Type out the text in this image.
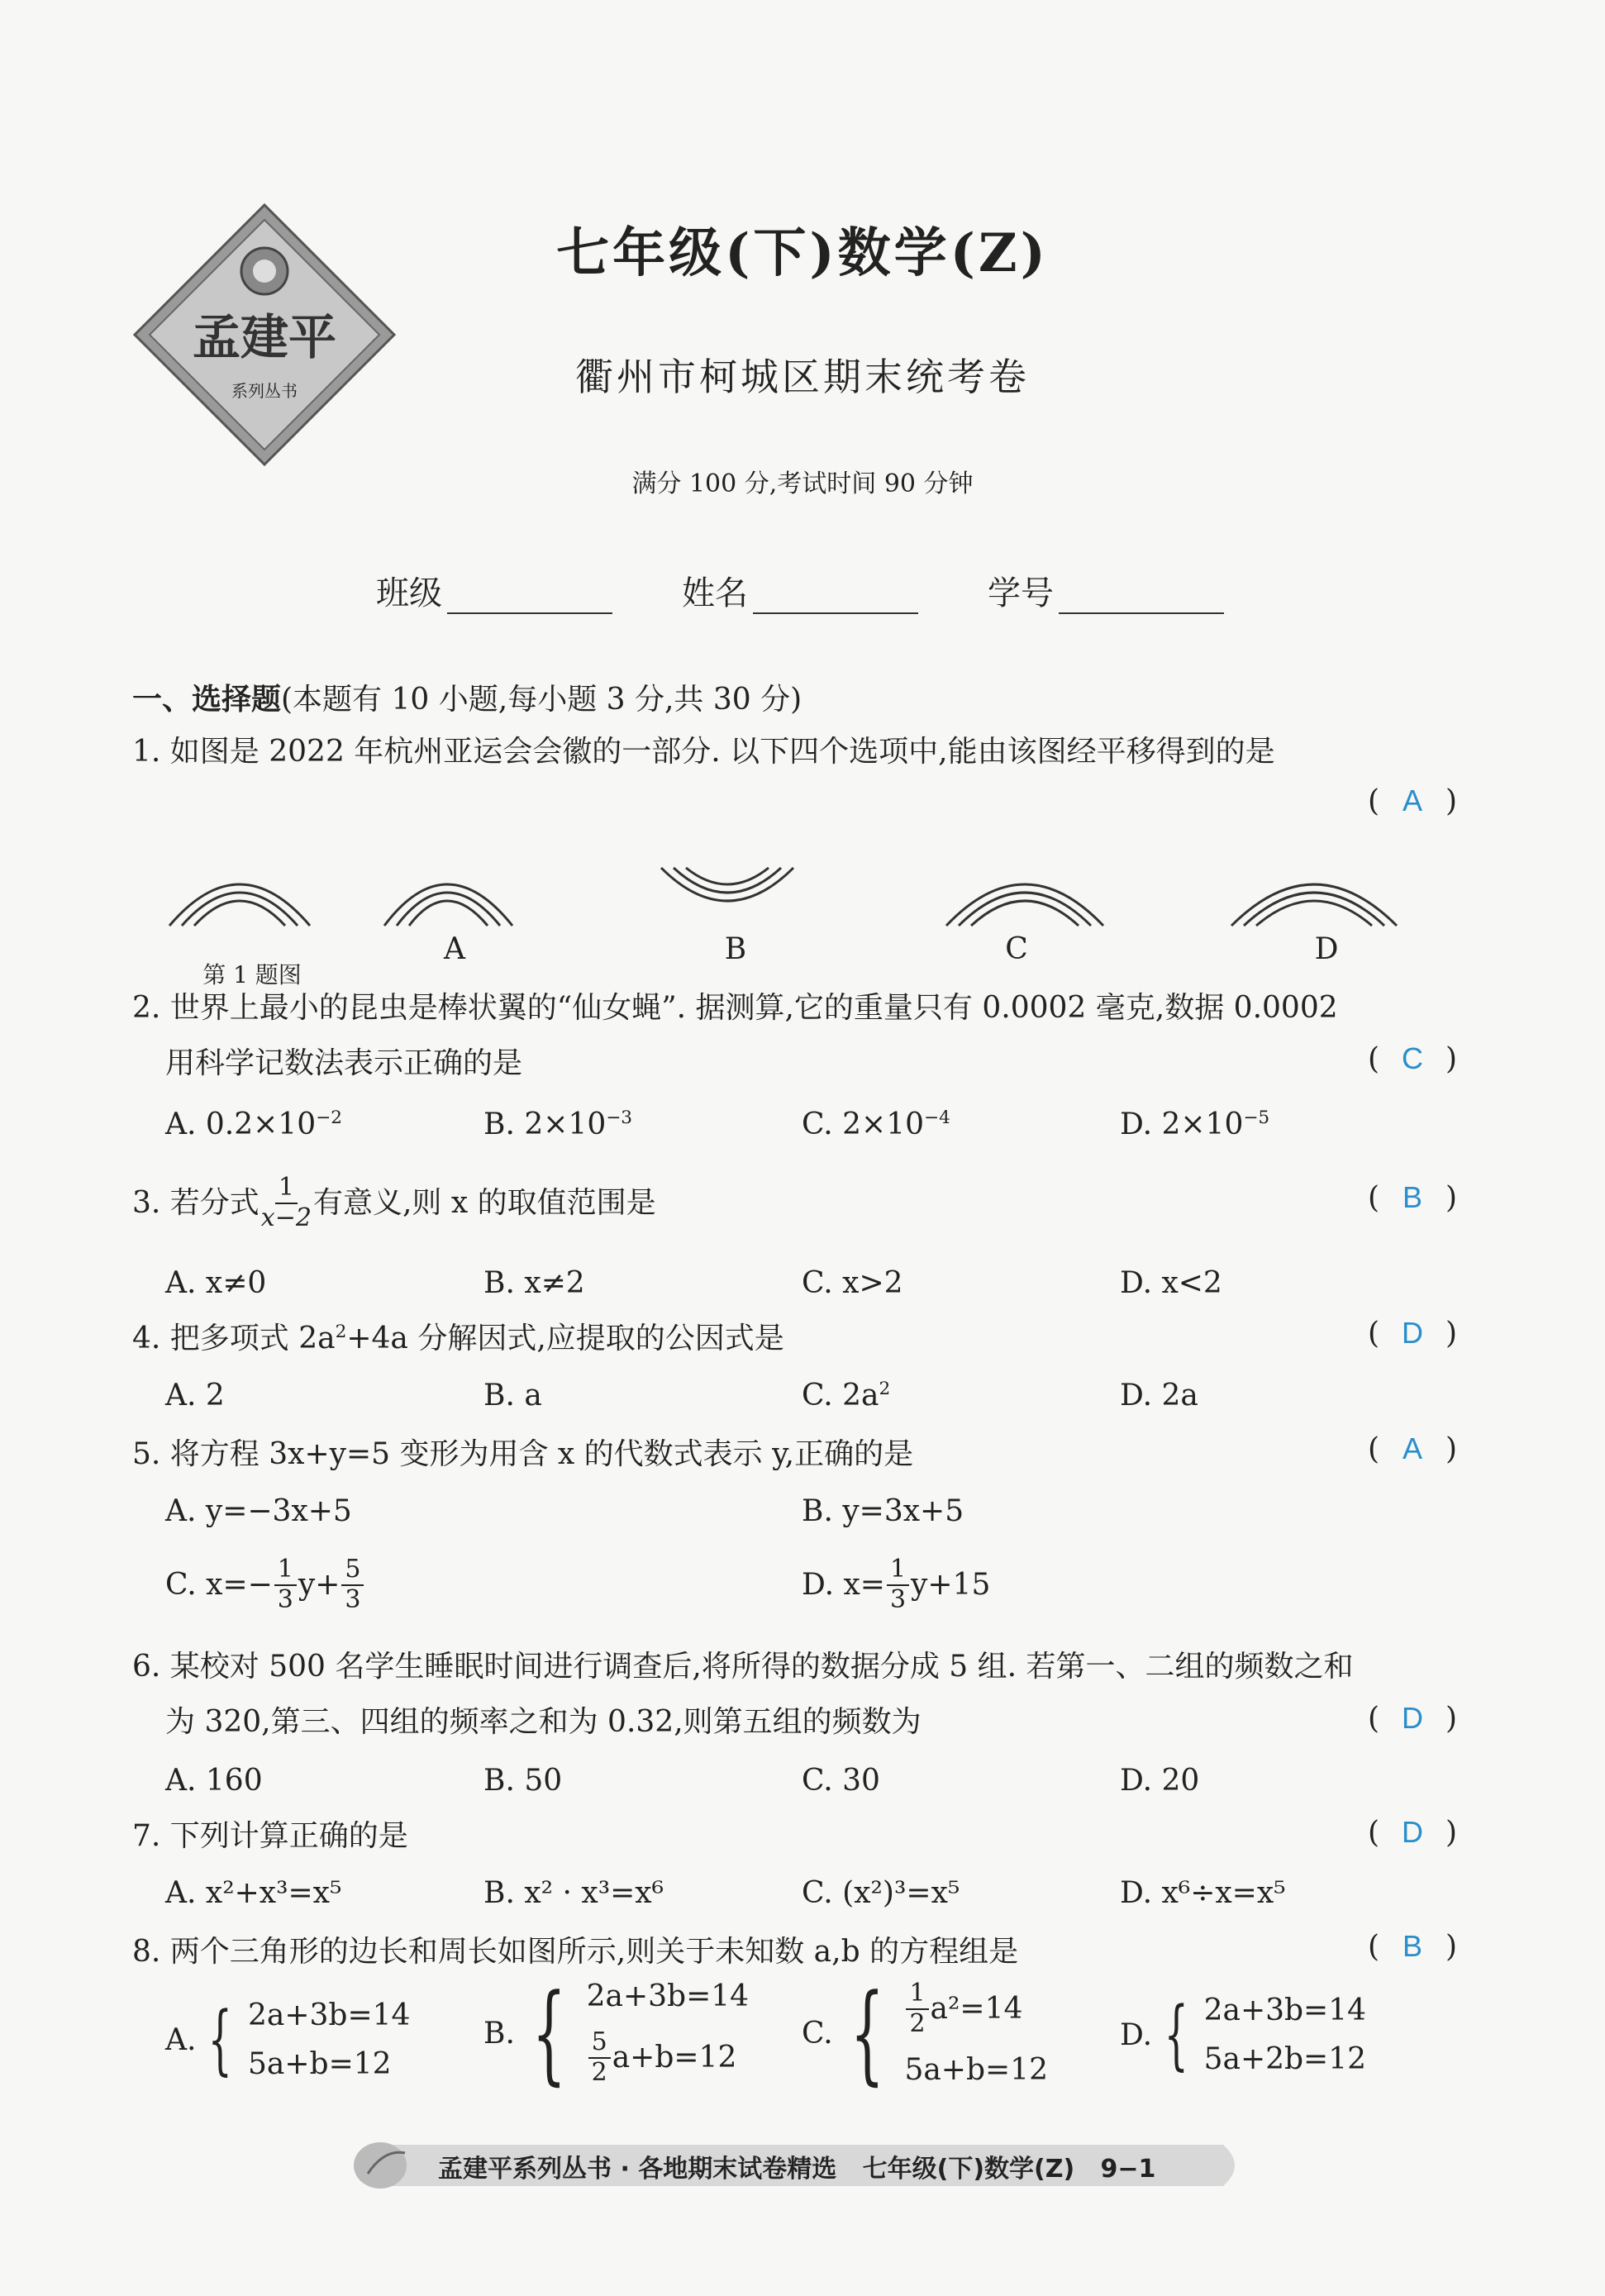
孟建平
系列丛书
七年级(下)数学(Z)
衢州市柯城区期末统考卷
满分 100 分,考试时间 90 分钟
班级	姓名	学号
一、选择题(本题有 10 小题,每小题 3 分,共 30 分)
1. 如图是 2022 年杭州亚运会会徽的一部分. 以下四个选项中,能由该图经平移得到的是
( A )
第 1 题图
A	B	C	D
2. 世界上最小的昆虫是棒状翼的“仙女蝇”. 据测算,它的重量只有 0.0002 毫克,数据 0.0002
用科学记数法表示正确的是	( C )
A. $0.2\times 10^{-2}$	B. $2\times 10^{-3}$	C. $2\times 10^{-4}$	D. $2\times 10^{-5}$
3. 若分式 $\frac{1}{x-2}$ 有意义,则 x 的取值范围是	( B )
A. x≠0	B. x≠2	C. x>2	D. x<2
4. 把多项式 $2a^2+4a$ 分解因式,应提取的公因式是	( D )
A. 2	B. a	C. $2a^2$	D. 2a
5. 将方程 3x+y=5 变形为用含 x 的代数式表示 y,正确的是	( A )
A. y=−3x+5	B. y=3x+5
C. $x=- \frac{1}{3} y+ \frac{5}{3}$	D. $x= \frac{1}{3} y+15$
6. 某校对 500 名学生睡眠时间进行调查后,将所得的数据分成 5 组. 若第一、二组的频数之和
为 320,第三、四组的频率之和为 0.32,则第五组的频数为	( D )
A. 160	B. 50	C. 30	D. 20
7. 下列计算正确的是	( D )
A. x²+x³=x⁵	B. x² · x³=x⁶	C. (x²)³=x⁵	D. x⁶÷x=x⁵
8. 两个三角形的边长和周长如图所示,则关于未知数 a,b 的方程组是	( B )
A. { 2a+3b=14
5a+b=12
B. { 2a+3b=14
$\frac{5}{2} a+b=12$
C. { $\frac{1}{2} a^2=14$
5a+b=12
D. { 2a+3b=14
5a+2b=12
孟建平系列丛书 · 各地期末试卷精选   七年级(下)数学(Z)   9−1
